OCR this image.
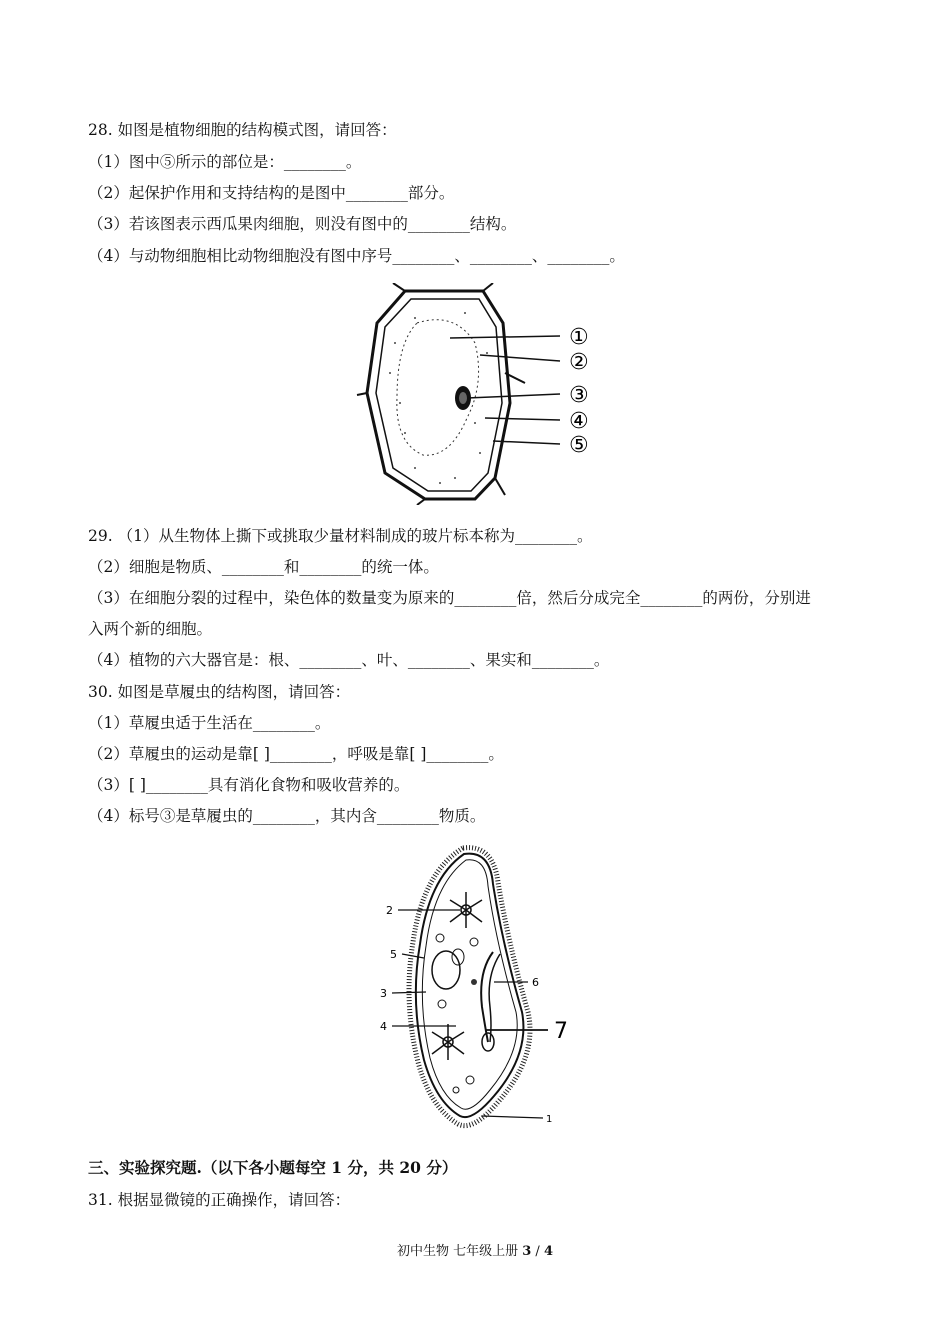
28. 如图是植物细胞的结构模式图，请回答：
（1）图中⑤所示的部位是：________。
（2）起保护作用和支持结构的是图中________部分。
（3）若该图表示西瓜果肉细胞，则没有图中的________结构。
（4）与动物细胞相比动物细胞没有图中序号________、________、________。
①
②
③
④
⑤
29. （1）从生物体上撕下或挑取少量材料制成的玻片标本称为________。
（2）细胞是物质、________和________的统一体。
（3）在细胞分裂的过程中，染色体的数量变为原来的________倍，然后分成完全________的两份，分别进
入两个新的细胞。
（4）植物的六大器官是：根、________、叶、________、果实和________。
30. 如图是草履虫的结构图，请回答：
（1）草履虫适于生活在________。
（2）草履虫的运动是靠[ ]________，呼吸是靠[ ]________。
（3）[ ]________具有消化食物和吸收营养的。
（4）标号③是草履虫的________，其内含________物质。
2
5
3
4
6
7
1
三、实验探究题.（以下各小题每空 1 分，共 20 分）
31. 根据显微镜的正确操作，请回答：
初中生物 七年级上册 3 / 4
